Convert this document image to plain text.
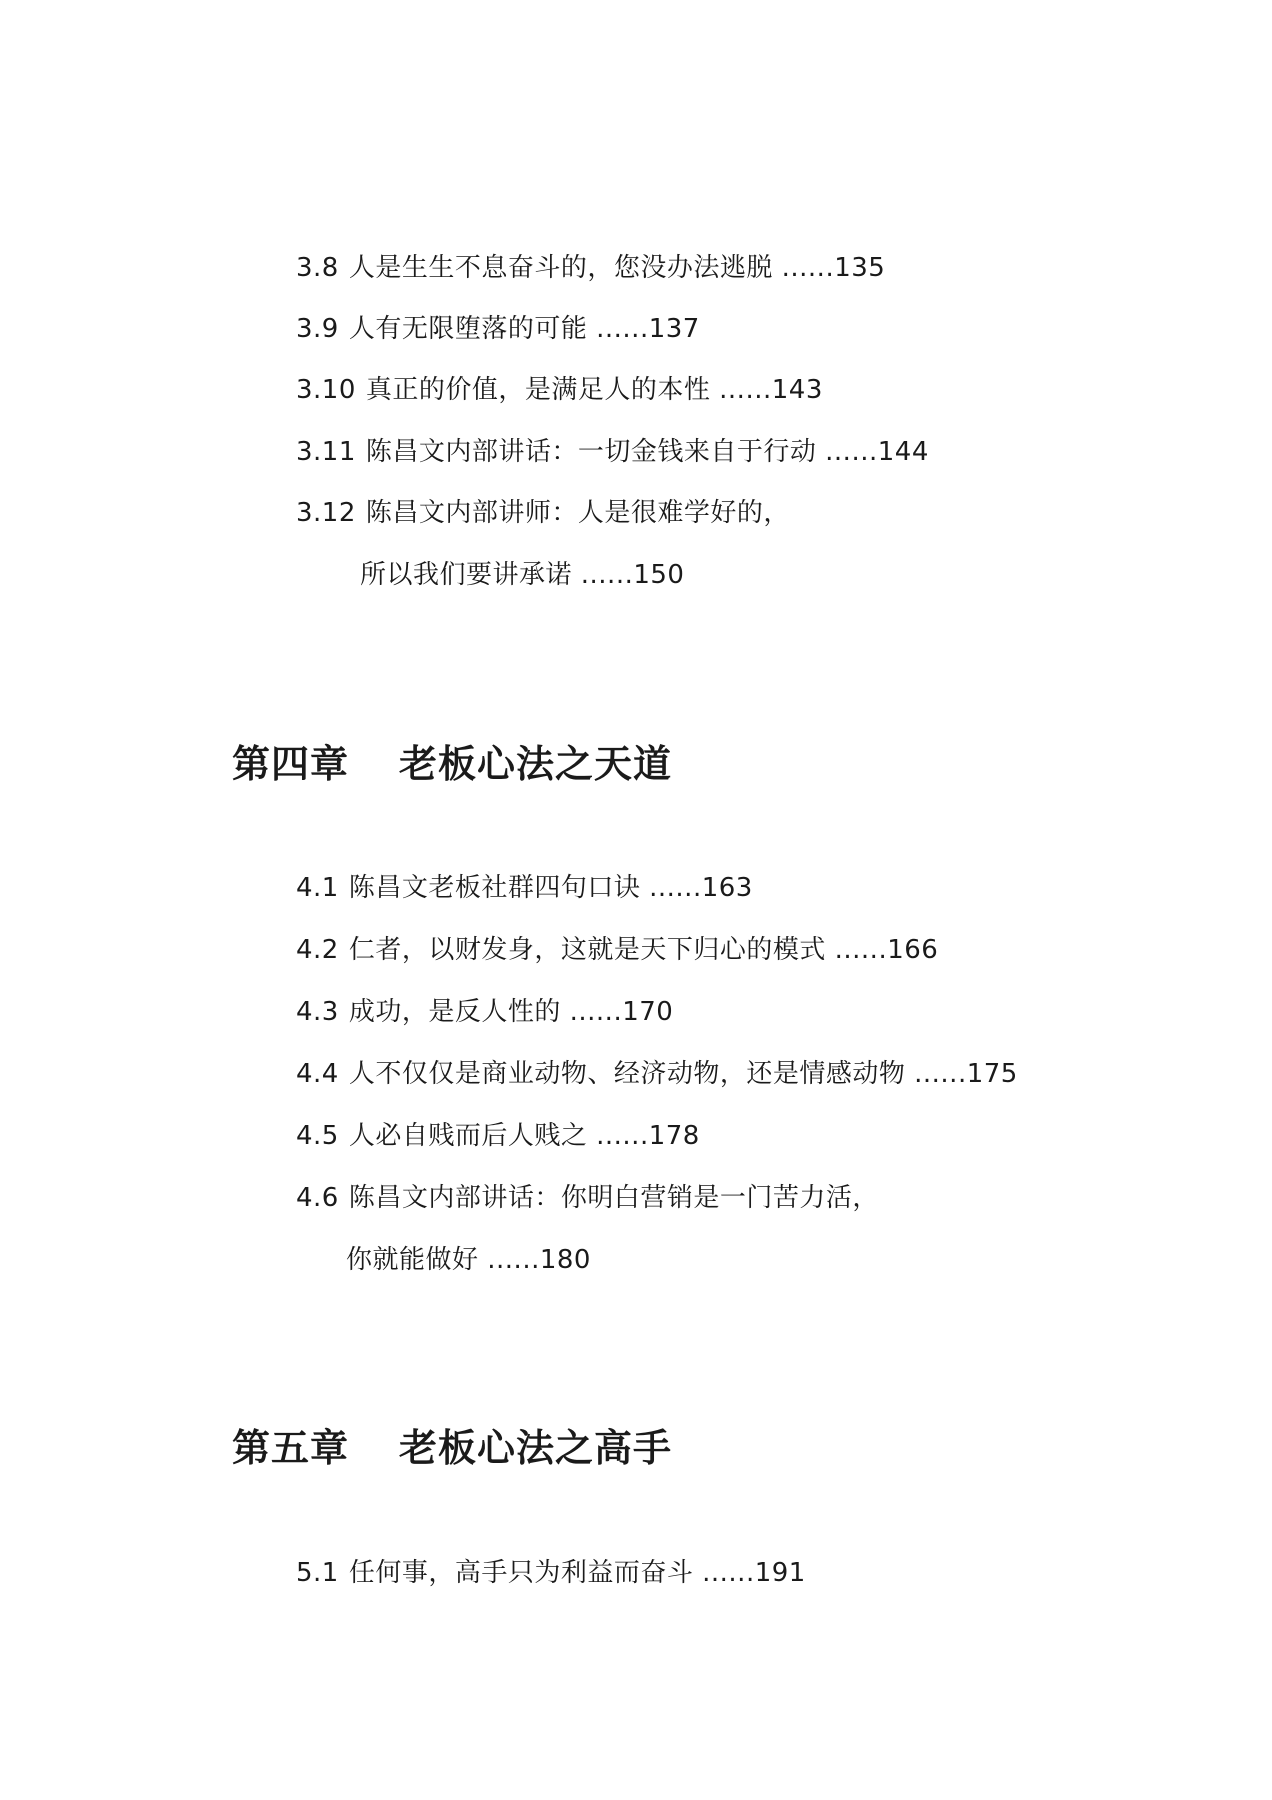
3.8 人是生生不息奋斗的，您没办法逃脱 ......135
3.9 人有无限堕落的可能 ......137
3.10 真正的价值，是满足人的本性 ......143
3.11 陈昌文内部讲话：一切金钱来自于行动 ......144
3.12 陈昌文内部讲师：人是很难学好的，
所以我们要讲承诺 ......150
第四章 老板心法之天道
4.1 陈昌文老板社群四句口诀 ......163
4.2 仁者，以财发身，这就是天下归心的模式 ......166
4.3 成功，是反人性的 ......170
4.4 人不仅仅是商业动物、经济动物，还是情感动物 ......175
4.5 人必自贱而后人贱之 ......178
4.6 陈昌文内部讲话：你明白营销是一门苦力活，
你就能做好 ......180
第五章 老板心法之高手
5.1 任何事，高手只为利益而奋斗 ......191
